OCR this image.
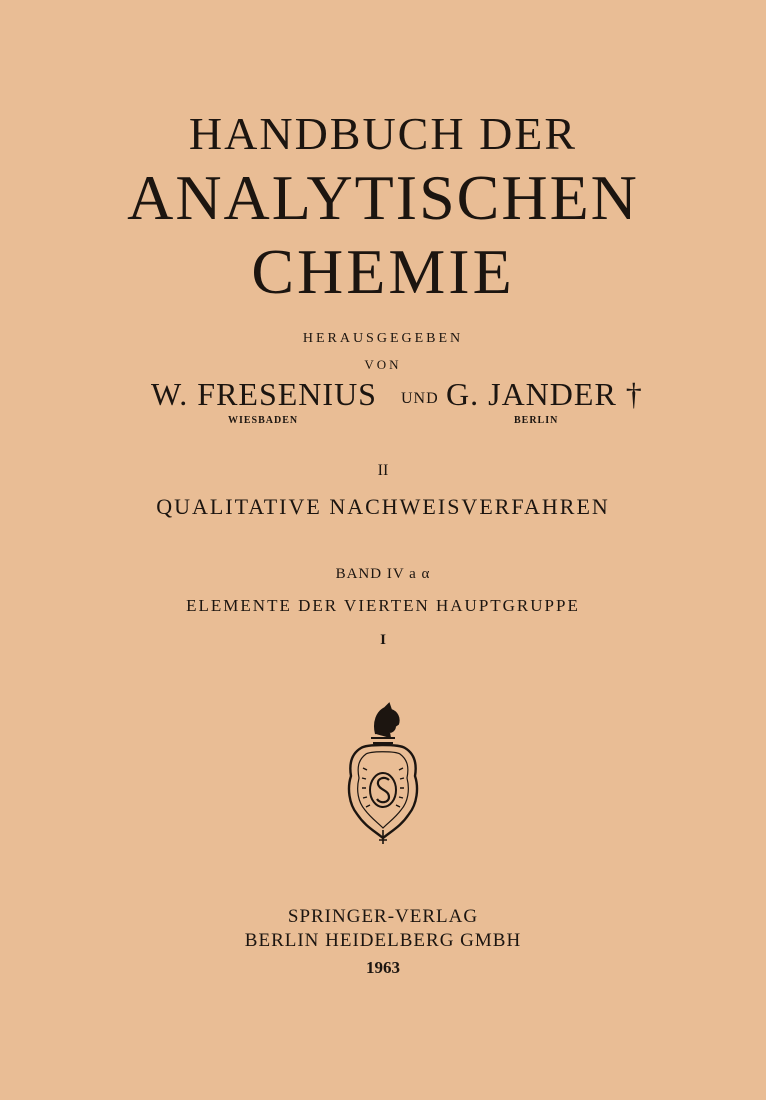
HANDBUCH DER
ANALYTISCHEN
CHEMIE
HERAUSGEGEBEN
VON
W. FRESENIUS UND G. JANDER †
WIESBADEN	BERLIN
II
QUALITATIVE NACHWEISVERFAHREN
BAND IV a α
ELEMENTE DER VIERTEN HAUPTGRUPPE
I
SPRINGER-VERLAG
BERLIN HEIDELBERG GMBH
1963
